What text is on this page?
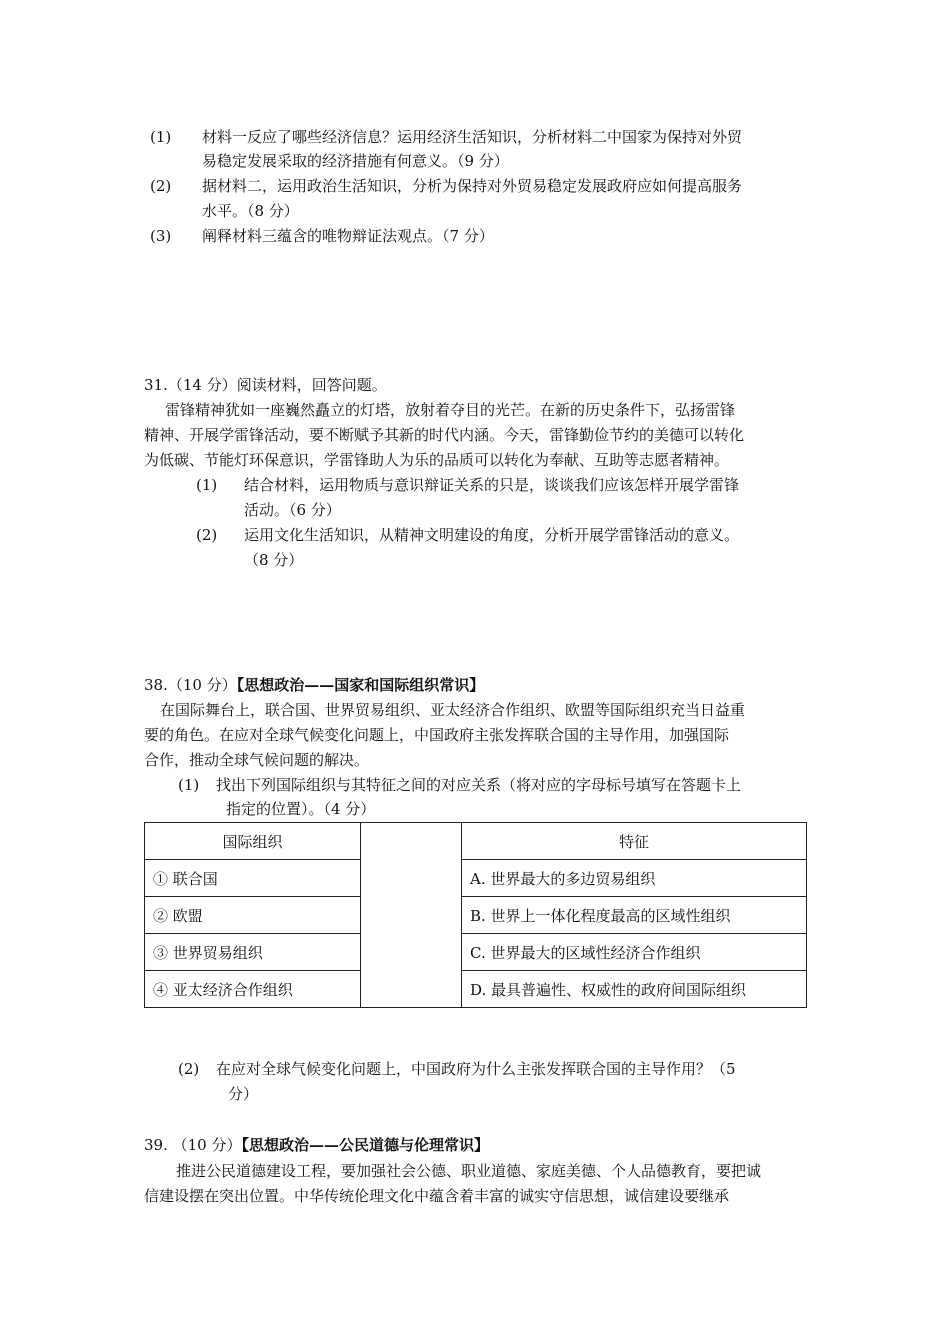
(1)	材料一反应了哪些经济信息？运用经济生活知识，分析材料二中国家为保持对外贸
易稳定发展采取的经济措施有何意义。（9 分）
(2)	据材料二，运用政治生活知识，分析为保持对外贸易稳定发展政府应如何提高服务
水平。（8 分）
(3)	阐释材料三蕴含的唯物辩证法观点。（7 分）
31.（14 分）阅读材料，回答问题。
雷锋精神犹如一座巍然矗立的灯塔，放射着夺目的光芒。在新的历史条件下，弘扬雷锋
精神、开展学雷锋活动，要不断赋予其新的时代内涵。今天，雷锋勤俭节约的美德可以转化
为低碳、节能灯环保意识，学雷锋助人为乐的品质可以转化为奉献、互助等志愿者精神。
(1)	结合材料，运用物质与意识辩证关系的只是，谈谈我们应该怎样开展学雷锋
活动。（6 分）
(2)	运用文化生活知识，从精神文明建设的角度，分析开展学雷锋活动的意义。
（8 分）
38.（10 分）【思想政治——国家和国际组织常识】
在国际舞台上，联合国、世界贸易组织、亚太经济合作组织、欧盟等国际组织充当日益重
要的角色。在应对全球气候变化问题上，中国政府主张发挥联合国的主导作用，加强国际
合作，推动全球气候问题的解决。
(1)	找出下列国际组织与其特征之间的对应关系（将对应的字母标号填写在答题卡上
指定的位置）。（4 分）
国际组织		特征
① 联合国		A. 世界最大的多边贸易组织
② 欧盟		B. 世界上一体化程度最高的区域性组织
③ 世界贸易组织		C. 世界最大的区域性经济合作组织
④ 亚太经济合作组织		D. 最具普遍性、权威性的政府间国际组织
(2)	在应对全球气候变化问题上，中国政府为什么主张发挥联合国的主导作用？（5
分）
39. （10 分）【思想政治——公民道德与伦理常识】
推进公民道德建设工程，要加强社会公德、职业道德、家庭美德、个人品德教育，要把诚
信建设摆在突出位置。中华传统伦理文化中蕴含着丰富的诚实守信思想，诚信建设要继承
